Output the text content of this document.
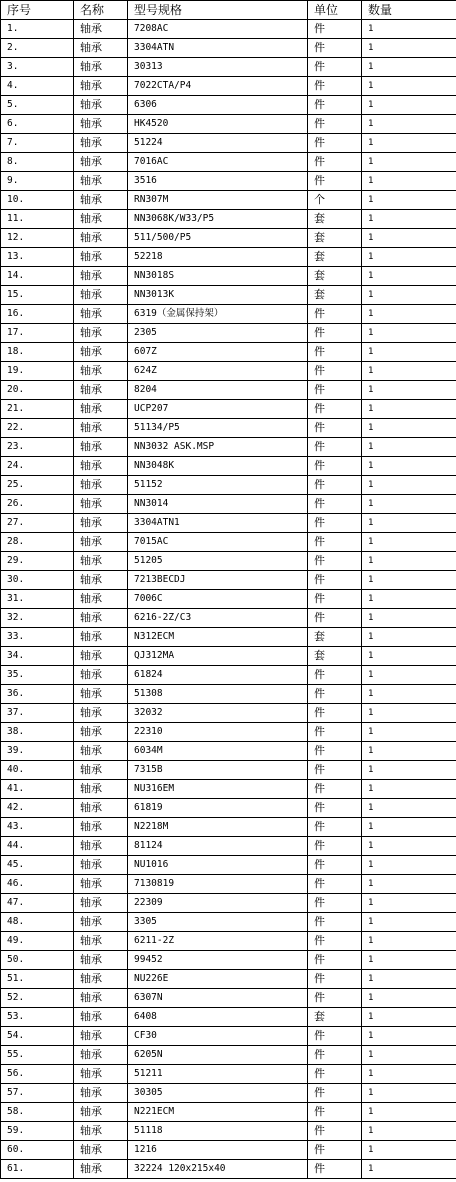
序号	名称	型号规格	单位	数量
1.	轴承	7208AC	件	1
2.	轴承	3304ATN	件	1
3.	轴承	30313	件	1
4.	轴承	7022CTA/P4	件	1
5.	轴承	6306	件	1
6.	轴承	HK4520	件	1
7.	轴承	51224	件	1
8.	轴承	7016AC	件	1
9.	轴承	3516	件	1
10.	轴承	RN307M	个	1
11.	轴承	NN3068K/W33/P5	套	1
12.	轴承	511/500/P5	套	1
13.	轴承	52218	套	1
14.	轴承	NN3018S	套	1
15.	轴承	NN3013K	套	1
16.	轴承	6319（金属保持架）	件	1
17.	轴承	2305	件	1
18.	轴承	607Z	件	1
19.	轴承	624Z	件	1
20.	轴承	8204	件	1
21.	轴承	UCP207	件	1
22.	轴承	51134/P5	件	1
23.	轴承	NN3032 ASK.MSP	件	1
24.	轴承	NN3048K	件	1
25.	轴承	51152	件	1
26.	轴承	NN3014	件	1
27.	轴承	3304ATN1	件	1
28.	轴承	7015AC	件	1
29.	轴承	51205	件	1
30.	轴承	7213BECDJ	件	1
31.	轴承	7006C	件	1
32.	轴承	6216-2Z/C3	件	1
33.	轴承	N312ECM	套	1
34.	轴承	QJ312MA	套	1
35.	轴承	61824	件	1
36.	轴承	51308	件	1
37.	轴承	32032	件	1
38.	轴承	22310	件	1
39.	轴承	6034M	件	1
40.	轴承	7315B	件	1
41.	轴承	NU316EM	件	1
42.	轴承	61819	件	1
43.	轴承	N2218M	件	1
44.	轴承	81124	件	1
45.	轴承	NU1016	件	1
46.	轴承	7130819	件	1
47.	轴承	22309	件	1
48.	轴承	3305	件	1
49.	轴承	6211-2Z	件	1
50.	轴承	99452	件	1
51.	轴承	NU226E	件	1
52.	轴承	6307N	件	1
53.	轴承	6408	套	1
54.	轴承	CF30	件	1
55.	轴承	6205N	件	1
56.	轴承	51211	件	1
57.	轴承	30305	件	1
58.	轴承	N221ECM	件	1
59.	轴承	51118	件	1
60.	轴承	1216	件	1
61.	轴承	32224 120x215x40	件	1
